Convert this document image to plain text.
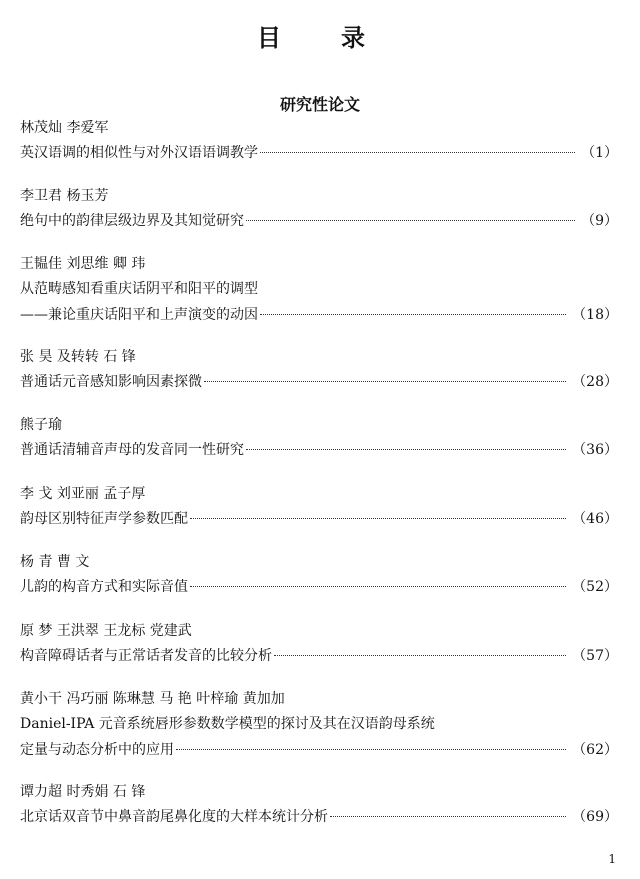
目　录
研究性论文
林茂灿 李爱军
英汉语调的相似性与对外汉语语调教学	（1）
李卫君 杨玉芳
绝句中的韵律层级边界及其知觉研究	（9）
王韫佳 刘思维 卿 玮
从范畴感知看重庆话阴平和阳平的调型
——兼论重庆话阳平和上声演变的动因	（18）
张 昊 及转转 石 锋
普通话元音感知影响因素探微	（28）
熊子瑜
普通话清辅音声母的发音同一性研究	（36）
李 戈 刘亚丽 孟子厚
韵母区别特征声学参数匹配	（46）
杨 青 曹 文
儿韵的构音方式和实际音值	（52）
原 梦 王洪翠 王龙标 党建武
构音障碍话者与正常话者发音的比较分析	（57）
黄小干 冯巧丽 陈琳慧 马 艳 叶梓瑜 黄加加
Daniel-IPA 元音系统唇形参数数学模型的探讨及其在汉语韵母系统
定量与动态分析中的应用	（62）
谭力超 时秀娟 石 锋
北京话双音节中鼻音韵尾鼻化度的大样本统计分析	（69）
1
